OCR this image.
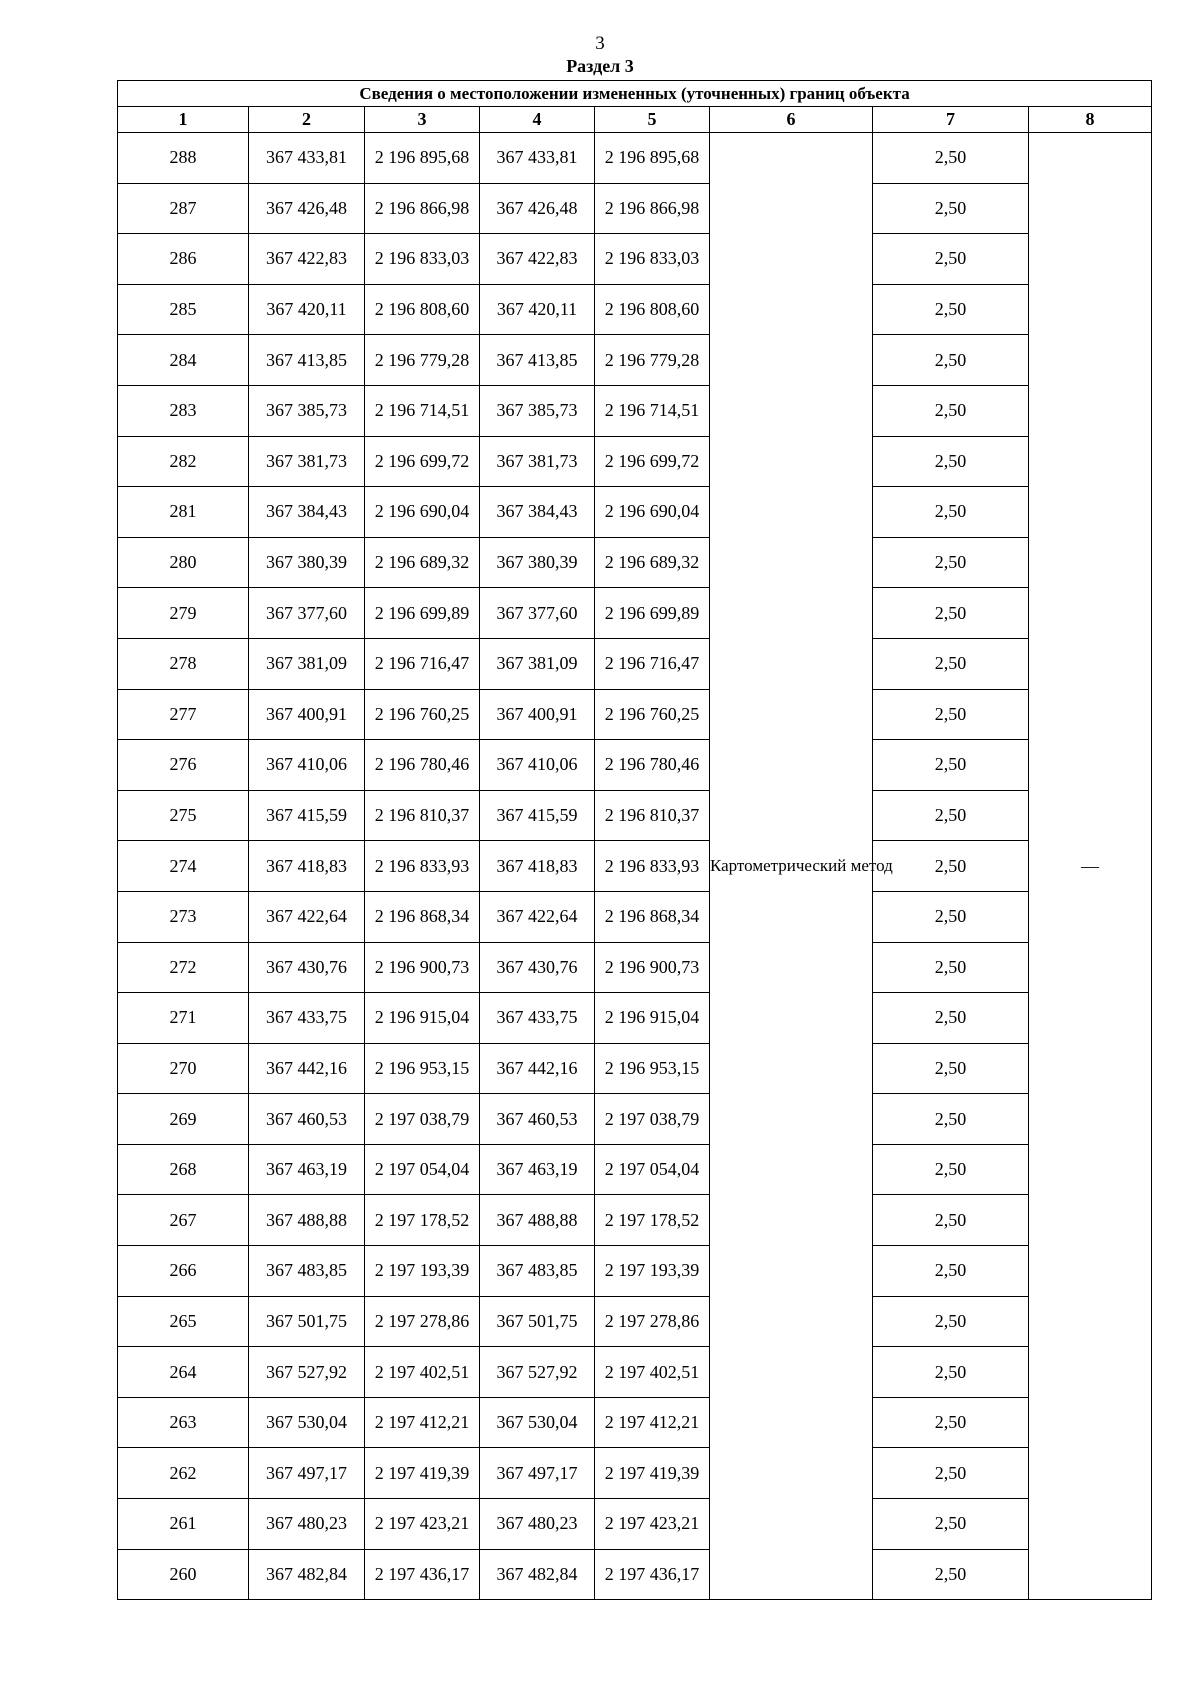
3
Раздел 3
Сведения о местоположении измененных (уточненных) границ объекта							
1	2	3	4	5	6	7	8
288	367 433,81	2 196 895,68	367 433,81	2 196 895,68	Картометрический метод	2,50	—
287	367 426,48	2 196 866,98	367 426,48	2 196 866,98		2,50	
286	367 422,83	2 196 833,03	367 422,83	2 196 833,03		2,50	
285	367 420,11	2 196 808,60	367 420,11	2 196 808,60		2,50	
284	367 413,85	2 196 779,28	367 413,85	2 196 779,28		2,50	
283	367 385,73	2 196 714,51	367 385,73	2 196 714,51		2,50	
282	367 381,73	2 196 699,72	367 381,73	2 196 699,72		2,50	
281	367 384,43	2 196 690,04	367 384,43	2 196 690,04		2,50	
280	367 380,39	2 196 689,32	367 380,39	2 196 689,32		2,50	
279	367 377,60	2 196 699,89	367 377,60	2 196 699,89		2,50	
278	367 381,09	2 196 716,47	367 381,09	2 196 716,47		2,50	
277	367 400,91	2 196 760,25	367 400,91	2 196 760,25		2,50	
276	367 410,06	2 196 780,46	367 410,06	2 196 780,46		2,50	
275	367 415,59	2 196 810,37	367 415,59	2 196 810,37		2,50	
274	367 418,83	2 196 833,93	367 418,83	2 196 833,93		2,50	
273	367 422,64	2 196 868,34	367 422,64	2 196 868,34		2,50	
272	367 430,76	2 196 900,73	367 430,76	2 196 900,73		2,50	
271	367 433,75	2 196 915,04	367 433,75	2 196 915,04		2,50	
270	367 442,16	2 196 953,15	367 442,16	2 196 953,15		2,50	
269	367 460,53	2 197 038,79	367 460,53	2 197 038,79		2,50	
268	367 463,19	2 197 054,04	367 463,19	2 197 054,04		2,50	
267	367 488,88	2 197 178,52	367 488,88	2 197 178,52		2,50	
266	367 483,85	2 197 193,39	367 483,85	2 197 193,39		2,50	
265	367 501,75	2 197 278,86	367 501,75	2 197 278,86		2,50	
264	367 527,92	2 197 402,51	367 527,92	2 197 402,51		2,50	
263	367 530,04	2 197 412,21	367 530,04	2 197 412,21		2,50	
262	367 497,17	2 197 419,39	367 497,17	2 197 419,39		2,50	
261	367 480,23	2 197 423,21	367 480,23	2 197 423,21		2,50	
260	367 482,84	2 197 436,17	367 482,84	2 197 436,17		2,50	
